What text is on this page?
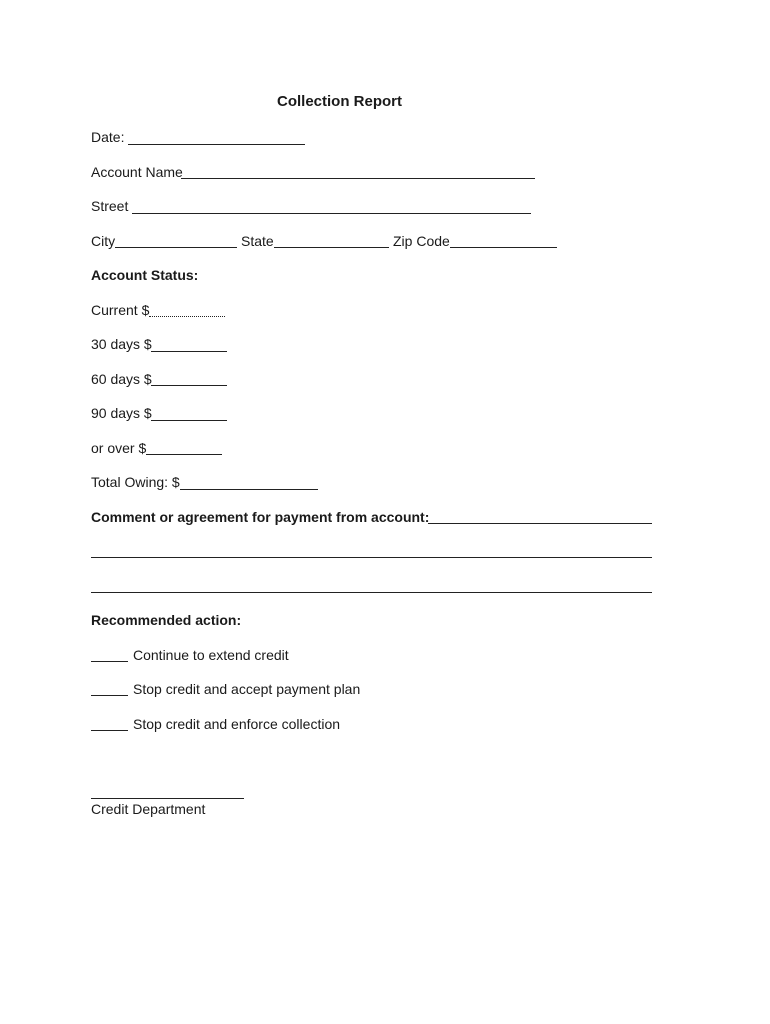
Collection Report
Date:
Account Name
Street
City	State	Zip Code
Account Status:
Current $
30 days $
60 days $
90 days $
or over $
Total Owing: $
Comment or agreement for payment from account:
Recommended action:
Continue to extend credit
Stop credit and accept payment plan
Stop credit and enforce collection
Credit Department
